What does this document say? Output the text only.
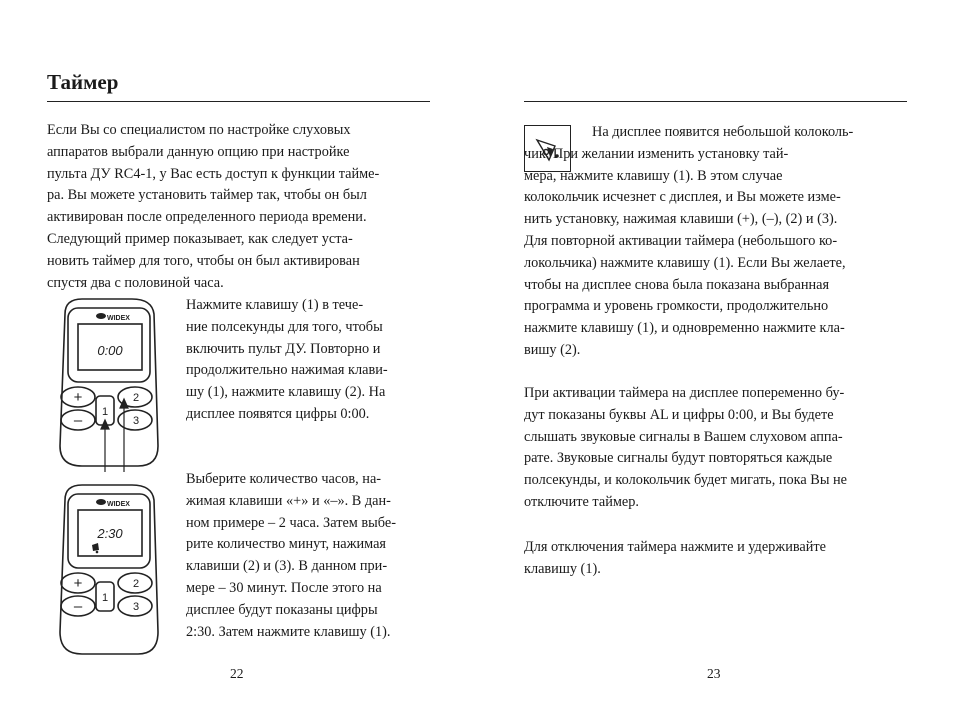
Таймер

Если Вы со специалистом по настройке слуховых
аппаратов выбрали данную опцию при настройке
пульта ДУ RC4-1, у Вас есть доступ к функции тайме-
ра. Вы можете установить таймер так, чтобы он был
активирован после определенного периода времени.
Следующий пример показывает, как следует уста-
новить таймер для того, чтобы он был активирован
спустя два с половиной часа.

WIDEX
0:00
+
– 1
2
3

Нажмите клавишу (1) в тече-
ние полсекунды для того, чтобы
включить пульт ДУ. Повторно и
продолжительно нажимая клави-
шу (1), нажмите клавишу (2). На
дисплее появятся цифры 0:00.

WIDEX
2:30
+
– 1
2
3

Выберите количество часов, на-
жимая клавиши «+» и «–». В дан-
ном примере – 2 часа. Затем выбе-
рите количество минут, нажимая
клавиши (2) и (3). В данном при-
мере – 30 минут. После этого на
дисплее будут показаны цифры
2:30. Затем нажмите клавишу (1).

22

На дисплее появится небольшой колоколь-
чик. При желании изменить установку тай-
мера, нажмите клавишу (1). В этом случае
колокольчик исчезнет с дисплея, и Вы можете изме-
нить установку, нажимая клавиши (+), (–), (2) и (3).
Для повторной активации таймера (небольшого ко-
локольчика) нажмите клавишу (1). Если Вы желаете,
чтобы на дисплее снова была показана выбранная
программа и уровень громкости, продолжительно
нажмите клавишу (1), и одновременно нажмите кла-
вишу (2).

При активации таймера на дисплее попеременно бу-
дут показаны буквы AL и цифры 0:00, и Вы будете
слышать звуковые сигналы в Вашем слуховом аппа-
рате. Звуковые сигналы будут повторяться каждые
полсекунды, и колокольчик будет мигать, пока Вы не
отключите таймер.

Для отключения таймера нажмите и удерживайте
клавишу (1).

23
